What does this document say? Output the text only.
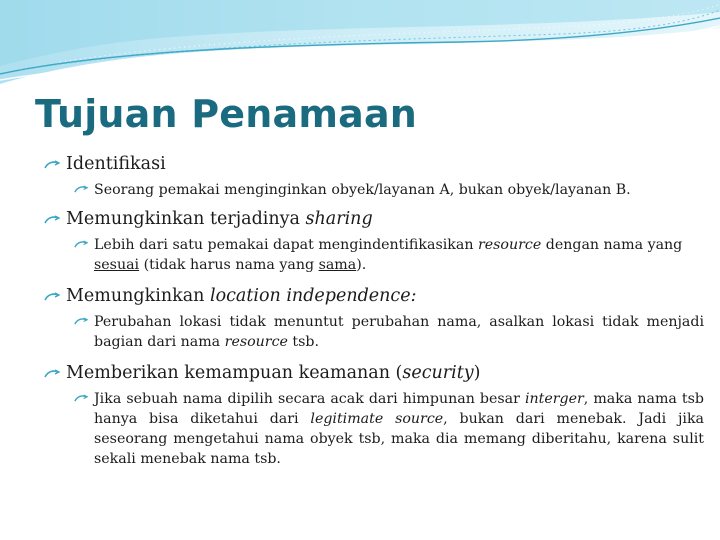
Tujuan Penamaan
Identifikasi
Seorang pemakai menginginkan obyek/layanan A, bukan obyek/layanan B.
Memungkinkan terjadinya sharing
Lebih dari satu pemakai dapat mengindentifikasikan resource dengan nama yang sesuai (tidak harus nama yang sama).
Memungkinkan location independence:
Perubahan lokasi tidak menuntut perubahan nama, asalkan lokasi tidak menjadi bagian dari nama resource tsb.
Memberikan kemampuan keamanan (security)
Jika sebuah nama dipilih secara acak dari himpunan besar interger, maka nama tsb hanya bisa diketahui dari legitimate source, bukan dari menebak. Jadi jika seseorang mengetahui nama obyek tsb, maka dia memang diberitahu, karena sulit sekali menebak nama tsb.
